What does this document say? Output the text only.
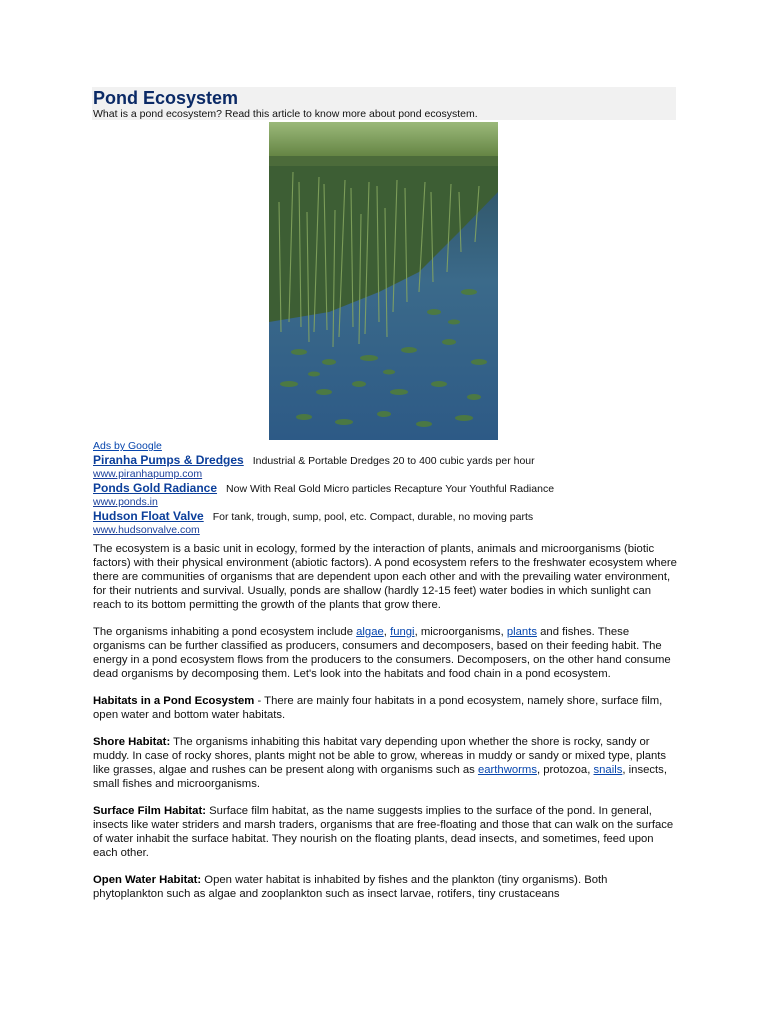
Pond Ecosystem
What is a pond ecosystem? Read this article to know more about pond ecosystem.
Ads by Google
Piranha Pumps & Dredges Industrial & Portable Dredges 20 to 400 cubic yards per hour
www.piranhapump.com
Ponds Gold Radiance Now With Real Gold Micro particles Recapture Your Youthful Radiance
www.ponds.in
Hudson Float Valve For tank, trough, sump, pool, etc. Compact, durable, no moving parts
www.hudsonvalve.com

The ecosystem is a basic unit in ecology, formed by the interaction of plants, animals and microorganisms (biotic factors) with their physical environment (abiotic factors). A pond ecosystem refers to the freshwater ecosystem where there are communities of organisms that are dependent upon each other and with the prevailing water environment, for their nutrients and survival. Usually, ponds are shallow (hardly 12-15 feet) water bodies in which sunlight can reach to its bottom permitting the growth of the plants that grow there.

The organisms inhabiting a pond ecosystem include algae, fungi, microorganisms, plants and fishes. These organisms can be further classified as producers, consumers and decomposers, based on their feeding habit. The energy in a pond ecosystem flows from the producers to the consumers. Decomposers, on the other hand consume dead organisms by decomposing them. Let's look into the habitats and food chain in a pond ecosystem.

Habitats in a Pond Ecosystem - There are mainly four habitats in a pond ecosystem, namely shore, surface film, open water and bottom water habitats.

Shore Habitat: The organisms inhabiting this habitat vary depending upon whether the shore is rocky, sandy or muddy. In case of rocky shores, plants might not be able to grow, whereas in muddy or sandy or mixed type, plants like grasses, algae and rushes can be present along with organisms such as earthworms, protozoa, snails, insects, small fishes and microorganisms.

Surface Film Habitat: Surface film habitat, as the name suggests implies to the surface of the pond. In general, insects like water striders and marsh traders, organisms that are free-floating and those that can walk on the surface of water inhabit the surface habitat. They nourish on the floating plants, dead insects, and sometimes, feed upon each other.

Open Water Habitat: Open water habitat is inhabited by fishes and the plankton (tiny organisms). Both phytoplankton such as algae and zooplankton such as insect larvae, rotifers, tiny crustaceans
